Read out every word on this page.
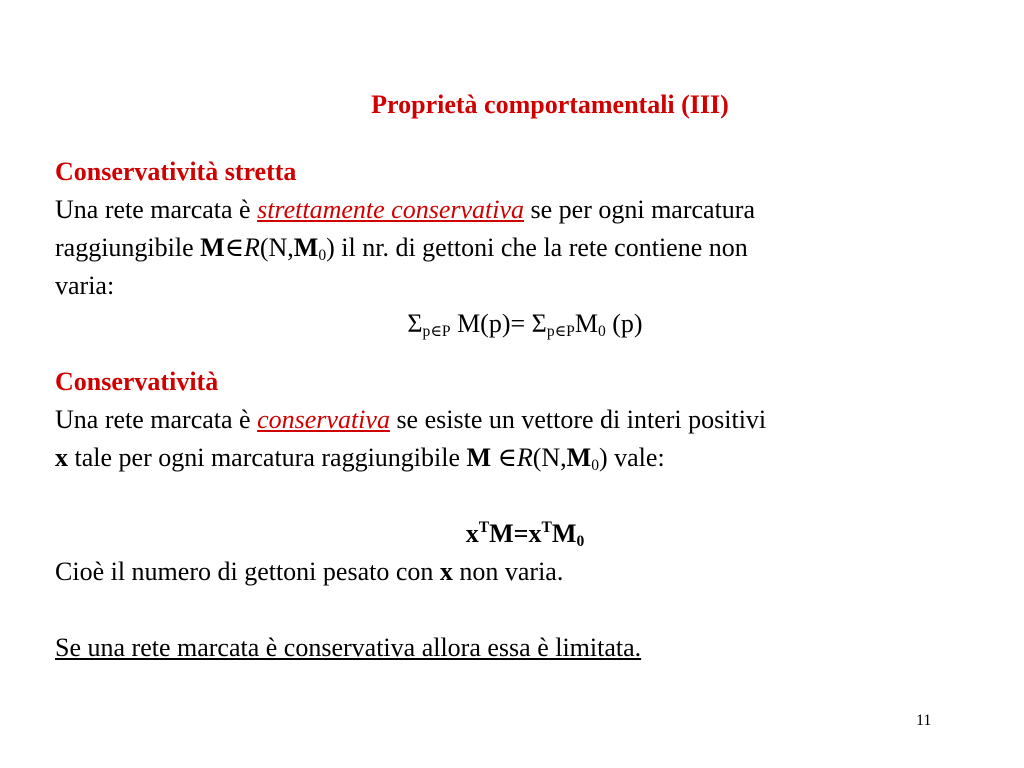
Proprietà comportamentali (III)
Conservatività stretta
Una rete marcata è strettamente conservativa se per ogni marcatura
raggiungibile $M\in R(N,M_0)$ il nr. di gettoni che la rete contiene non
varia:
$\Sigma_{p\in P}$ $M(p)= \Sigma_{p\in P}M_0$ (p)
Conservatività
Una rete marcata è conservativa se esiste un vettore di interi positivi
x tale per ogni marcatura raggiungibile M $\in R(N,M_0)$ vale:
$x^TM=x^TM_0$
Cioè il numero di gettoni pesato con x non varia.
Se una rete marcata è conservativa allora essa è limitata.
11
